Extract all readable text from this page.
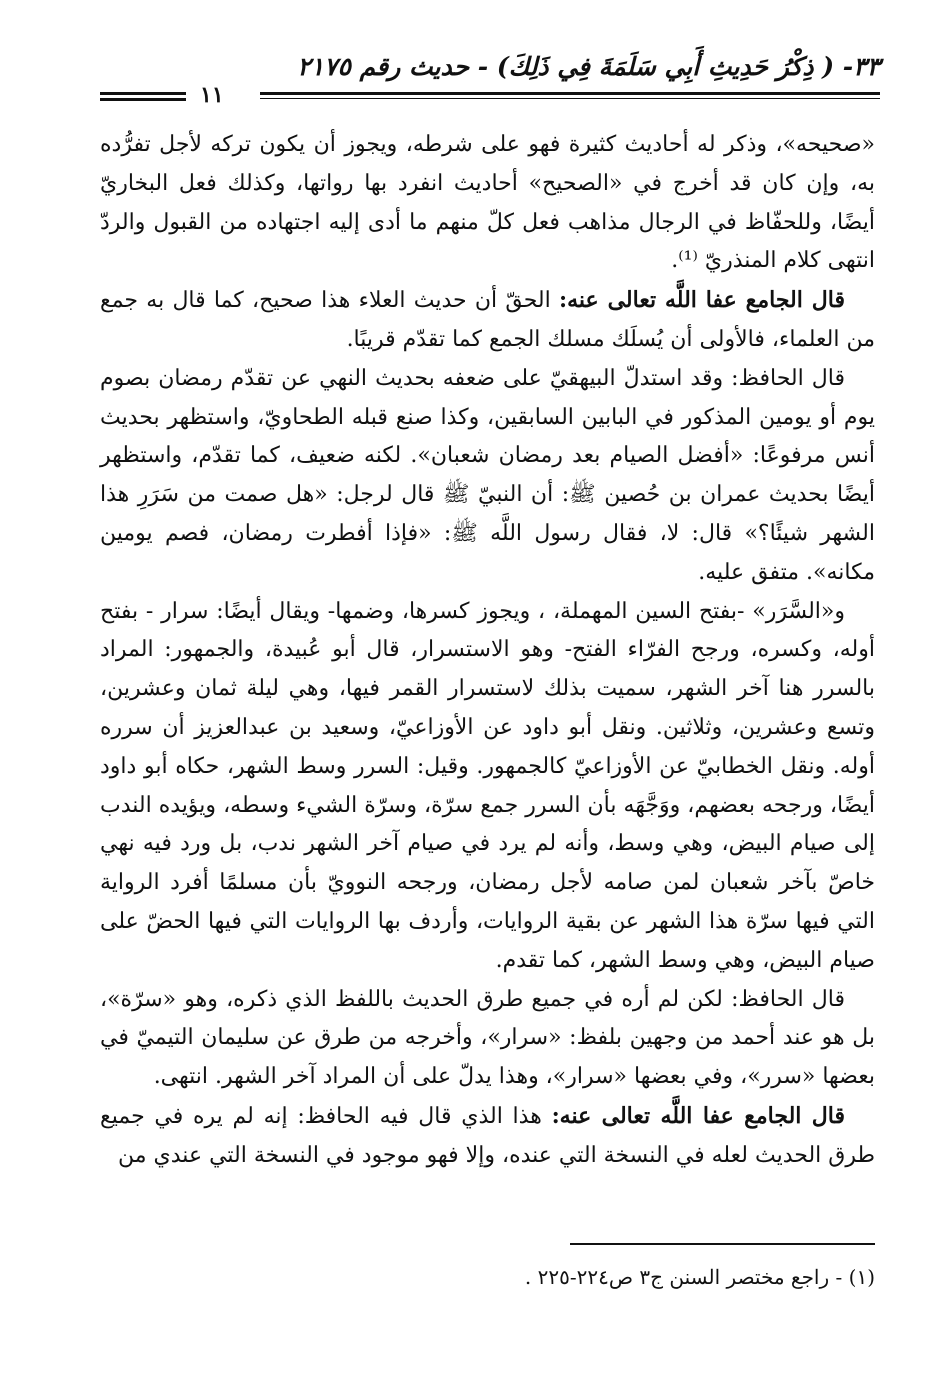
٣٣- ( ذِكْرُ حَدِيثِ أَبِي سَلَمَةَ فِي ذَلِكَ) - حديث رقم ٢١٧٥
١١

«صحيحه»، وذكر له أحاديث كثيرة فهو على شرطه، ويجوز أن يكون تركه لأجل تفرُّده به، وإن كان قد أخرج في «الصحيح» أحاديث انفرد بها رواتها، وكذلك فعل البخاريّ أيضًا، وللحفّاظ في الرجال مذاهب فعل كلّ منهم ما أدى إليه اجتهاده من القبول والردّ انتهى كلام المنذريّ ⁽¹⁾.

قال الجامع عفا اللَّه تعالى عنه: الحقّ أن حديث العلاء هذا صحيح، كما قال به جمع من العلماء، فالأولى أن يُسلَك مسلك الجمع كما تقدّم قريبًا.

قال الحافظ: وقد استدلّ البيهقيّ على ضعفه بحديث النهي عن تقدّم رمضان بصوم يوم أو يومين المذكور في البابين السابقين، وكذا صنع قبله الطحاويّ، واستظهر بحديث أنس مرفوعًا: «أفضل الصيام بعد رمضان شعبان». لكنه ضعيف، كما تقدّم، واستظهر أيضًا بحديث عمران بن حُصين ﷺ: أن النبيّ ﷺ قال لرجل: «هل صمت من سَرَرِ هذا الشهر شيئًا؟» قال: لا، فقال رسول اللَّه ﷺ: «فإذا أفطرت رمضان، فصم يومين مكانه». متفق عليه.

و«السَّرَر» -بفتح السين المهملة، ، ويجوز كسرها، وضمها- ويقال أيضًا: سرار - بفتح أوله، وكسره، ورجح الفرّاء الفتح- وهو الاستسرار، قال أبو عُبيدة، والجمهور: المراد بالسرر هنا آخر الشهر، سميت بذلك لاستسرار القمر فيها، وهي ليلة ثمان وعشرين، وتسع وعشرين، وثلاثين. ونقل أبو داود عن الأوزاعيّ، وسعيد بن عبدالعزيز أن سرره أوله. ونقل الخطابيّ عن الأوزاعيّ كالجمهور. وقيل: السرر وسط الشهر، حكاه أبو داود أيضًا، ورجحه بعضهم، ووَجَّهَه بأن السرر جمع سرّة، وسرّة الشيء وسطه، ويؤيده الندب إلى صيام البيض، وهي وسط، وأنه لم يرد في صيام آخر الشهر ندب، بل ورد فيه نهي خاصّ بآخر شعبان لمن صامه لأجل رمضان، ورجحه النوويّ بأن مسلمًا أفرد الرواية التي فيها سرّة هذا الشهر عن بقية الروايات، وأردف بها الروايات التي فيها الحضّ على صيام البيض، وهي وسط الشهر، كما تقدم.

قال الحافظ: لكن لم أره في جميع طرق الحديث باللفظ الذي ذكره، وهو «سرّة»، بل هو عند أحمد من وجهين بلفظ: «سرار»، وأخرجه من طرق عن سليمان التيميّ في بعضها «سرر»، وفي بعضها «سرار»، وهذا يدلّ على أن المراد آخر الشهر. انتهى.

قال الجامع عفا اللَّه تعالى عنه: هذا الذي قال فيه الحافظ: إنه لم يره في جميع طرق الحديث لعله في النسخة التي عنده، وإلا فهو موجود في النسخة التي عندي من

(١) - راجع مختصر السنن ج٣ ص٢٢٤-٢٢٥ .
